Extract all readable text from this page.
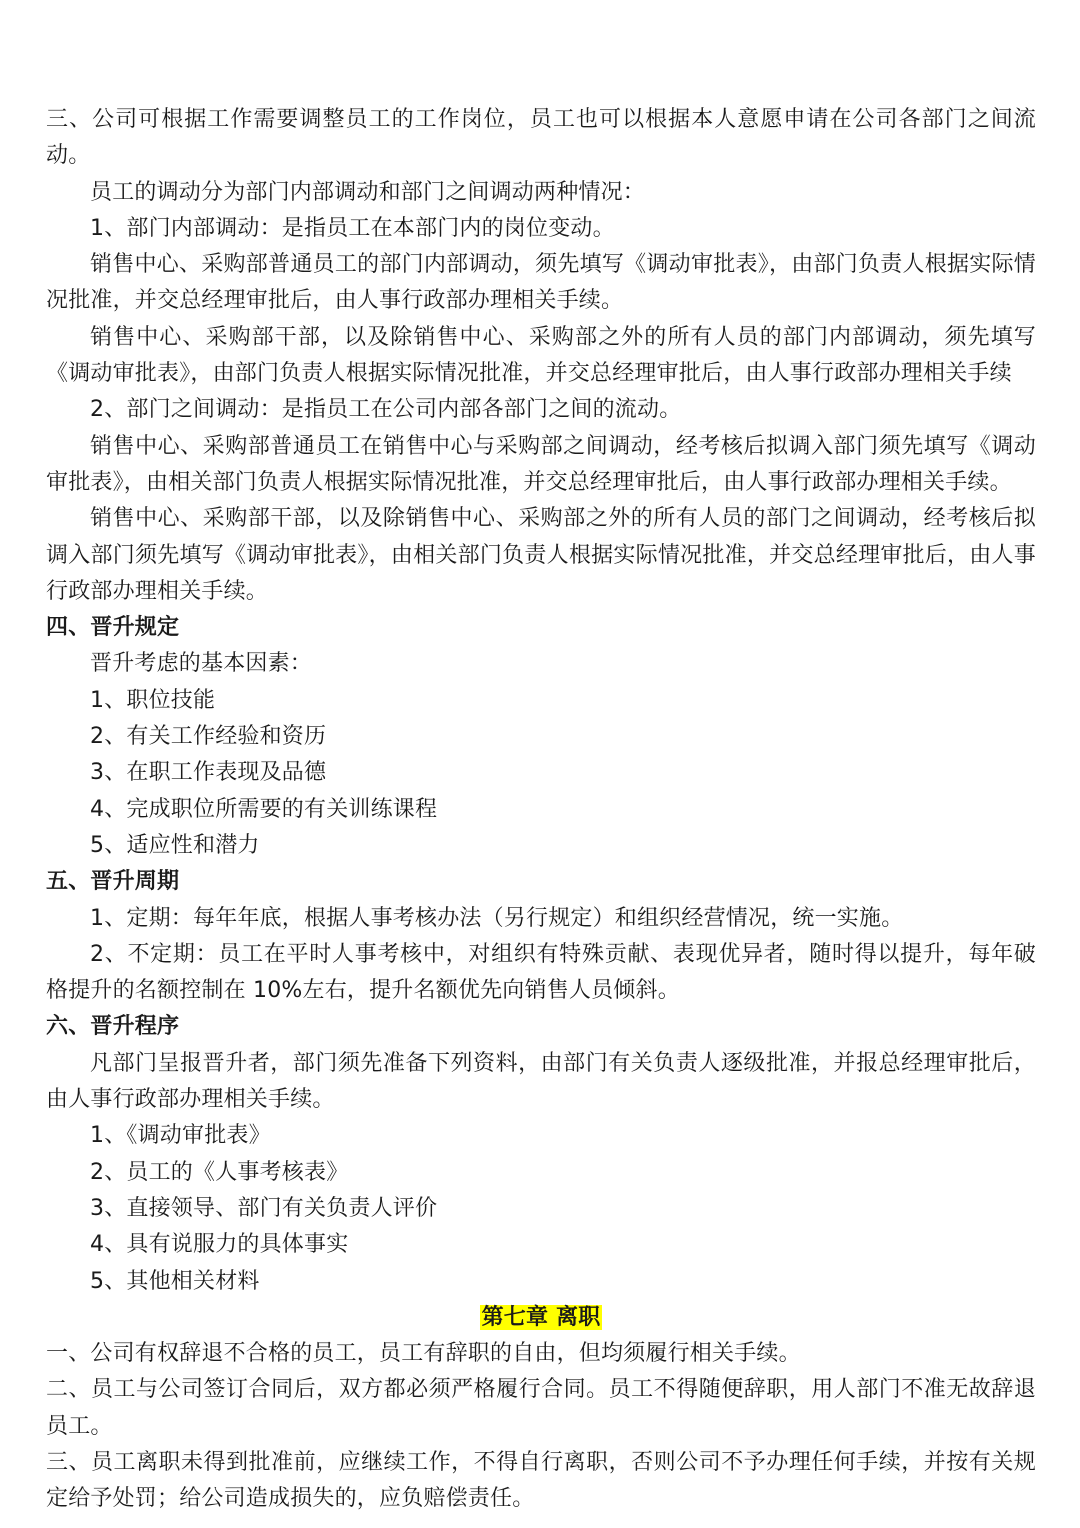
三、公司可根据工作需要调整员工的工作岗位，员工也可以根据本人意愿申请在公司各部门之间流动。

员工的调动分为部门内部调动和部门之间调动两种情况：

1、部门内部调动：是指员工在本部门内的岗位变动。

销售中心、采购部普通员工的部门内部调动，须先填写《调动审批表》，由部门负责人根据实际情况批准，并交总经理审批后，由人事行政部办理相关手续。

销售中心、采购部干部，以及除销售中心、采购部之外的所有人员的部门内部调动，须先填写《调动审批表》，由部门负责人根据实际情况批准，并交总经理审批后，由人事行政部办理相关手续

2、部门之间调动：是指员工在公司内部各部门之间的流动。

销售中心、采购部普通员工在销售中心与采购部之间调动，经考核后拟调入部门须先填写《调动审批表》，由相关部门负责人根据实际情况批准，并交总经理审批后，由人事行政部办理相关手续。

销售中心、采购部干部，以及除销售中心、采购部之外的所有人员的部门之间调动，经考核后拟调入部门须先填写《调动审批表》，由相关部门负责人根据实际情况批准，并交总经理审批后，由人事行政部办理相关手续。

四、晋升规定

晋升考虑的基本因素：

1、职位技能

2、有关工作经验和资历

3、在职工作表现及品德

4、完成职位所需要的有关训练课程

5、适应性和潜力

五、晋升周期

1、定期：每年年底，根据人事考核办法（另行规定）和组织经营情况，统一实施。

2、不定期：员工在平时人事考核中，对组织有特殊贡献、表现优异者，随时得以提升，每年破格提升的名额控制在 10%左右，提升名额优先向销售人员倾斜。

六、晋升程序

凡部门呈报晋升者，部门须先准备下列资料，由部门有关负责人逐级批准，并报总经理审批后，由人事行政部办理相关手续。

1、《调动审批表》

2、员工的《人事考核表》

3、直接领导、部门有关负责人评价

4、具有说服力的具体事实

5、其他相关材料

第七章 离职

一、公司有权辞退不合格的员工，员工有辞职的自由，但均须履行相关手续。

二、员工与公司签订合同后，双方都必须严格履行合同。员工不得随便辞职，用人部门不准无故辞退员工。

三、员工离职未得到批准前，应继续工作，不得自行离职，否则公司不予办理任何手续，并按有关规定给予处罚；给公司造成损失的，应负赔偿责任。
